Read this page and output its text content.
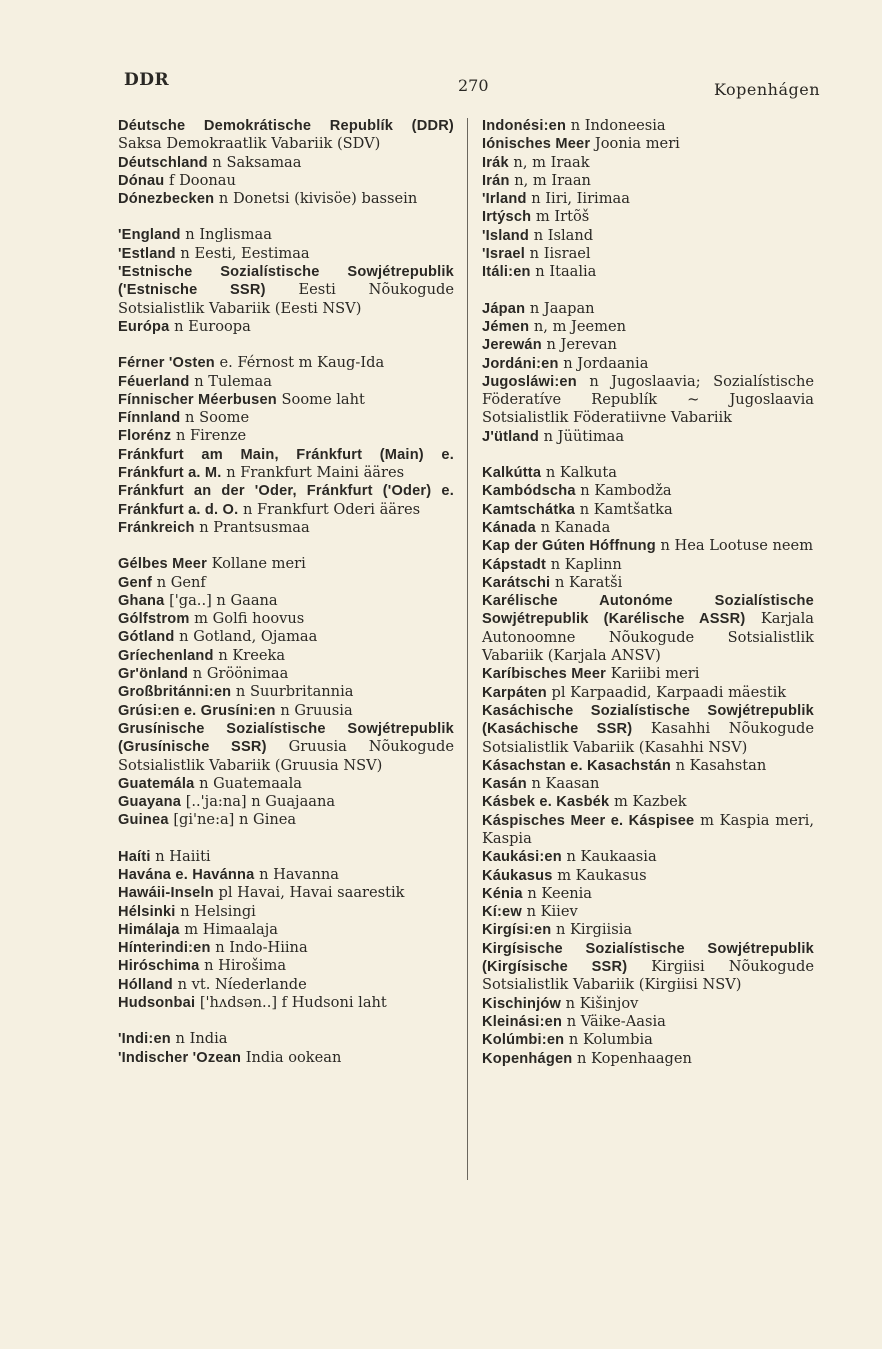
DDR	270	Kopenhágen

Déutsche Demokrátische Republík (DDR) Saksa Demokraatlik Vabariik (SDV)

Déutschland n Saksamaa

Dónau f Doonau

Dónezbecken n Donetsi (kivisöe) bassein

'England n Inglismaa

'Estland n Eesti, Eestimaa

'Estnische Sozialístische Sowjétrepublik ('Estnische SSR) Eesti Nõukogude Sotsialistlik Vabariik (Eesti NSV)

Európa n Euroopa

Férner 'Osten e. Férnost m Kaug-Ida

Féuerland n Tulemaa

Fínnischer Méerbusen Soome laht

Fínnland n Soome

Florénz n Firenze

Fránkfurt am Main, Fránkfurt (Main) e. Fránkfurt a. M. n Frankfurt Maini ääres

Fránkfurt an der 'Oder, Fránkfurt ('Oder) e. Fránkfurt a. d. O. n Frankfurt Oderi ääres

Fránkreich n Prantsusmaa

Gélbes Meer Kollane meri

Genf n Genf

Ghana ['ga..] n Gaana

Gólfstrom m Golfi hoovus

Gótland n Gotland, Ojamaa

Gríechenland n Kreeka

Gr'önland n Gröönimaa

Großbritánni:en n Suurbritannia

Grúsi:en e. Grusíni:en n Gruusia

Grusínische Sozialístische Sowjétrepublik (Grusínische SSR) Gruusia Nõukogude Sotsialistlik Vabariik (Gruusia NSV)

Guatemála n Guatemaala

Guayana [..'ja:na] n Guajaana

Guinea [gi'ne:a] n Ginea

Haíti n Haiiti

Havána e. Havánna n Havanna

Hawáii-Inseln pl Havai, Havai saarestik

Hélsinki n Helsingi

Himálaja m Himaalaja

Hínterindi:en n Indo-Hiina

Hiróschima n Hirošima

Hólland n vt. Níederlande

Hudsonbai ['hʌdsən..] f Hudsoni laht

'Indi:en n India

'Indischer 'Ozean India ookean

Indonési:en n Indoneesia

Iónisches Meer Joonia meri

Irák n, m Iraak

Irán n, m Iraan

'Irland n Iiri, Iirimaa

Irtýsch m Irtõš

'Island n Island

'Israel n Iisrael

Itáli:en n Itaalia

Jápan n Jaapan

Jémen n, m Jeemen

Jerewán n Jerevan

Jordáni:en n Jordaania

Jugosláwi:en n Jugoslaavia; Sozialístische Föderatíve Republík ~ Jugoslaavia Sotsialistlik Föderatiivne Vabariik

J'ütland n Jüütimaa

Kalkútta n Kalkuta

Kambódscha n Kambodža

Kamtschátka n Kamtšatka

Kánada n Kanada

Kap der Gúten Hóffnung n Hea Lootuse neem

Kápstadt n Kaplinn

Karátschi n Karatši

Karélische Autonóme Sozialístische Sowjétrepublik (Karélische ASSR) Karjala Autonoomne Nõukogude Sotsialistlik Vabariik (Karjala ANSV)

Karíbisches Meer Kariibi meri

Karpáten pl Karpaadid, Karpaadi mäestik

Kasáchische Sozialístische Sowjétrepublik (Kasáchische SSR) Kasahhi Nõukogude Sotsialistlik Vabariik (Kasahhi NSV)

Kásachstan e. Kasachstán n Kasahstan

Kasán n Kaasan

Kásbek e. Kasbék m Kazbek

Káspisches Meer e. Káspisee m Kaspia meri, Kaspia

Kaukási:en n Kaukaasia

Káukasus m Kaukasus

Kénia n Keenia

Kí:ew n Kiiev

Kirgísi:en n Kirgiisia

Kirgísische Sozialístische Sowjétrepublik (Kirgísische SSR) Kirgiisi Nõukogude Sotsialistlik Vabariik (Kirgiisi NSV)

Kischinjów n Kišinjov

Kleinási:en n Väike-Aasia

Kolúmbi:en n Kolumbia

Kopenhágen n Kopenhaagen
